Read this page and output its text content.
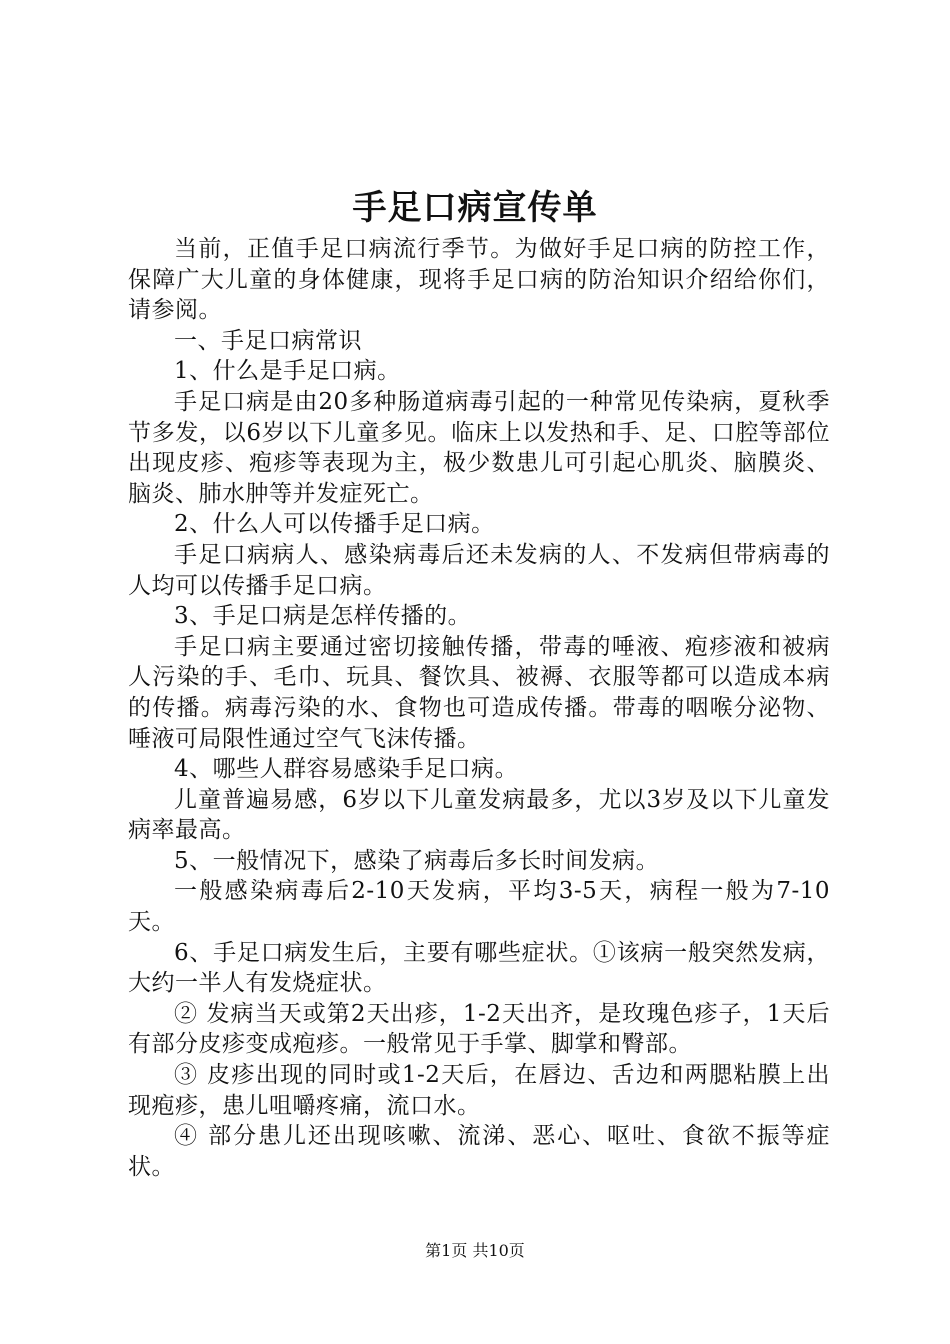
手足口病宣传单

当前，正值手足口病流行季节。为做好手足口病的防控工作，保障广大儿童的身体健康，现将手足口病的防治知识介绍给你们，请参阅。

一、手足口病常识

1、什么是手足口病。

手足口病是由20多种肠道病毒引起的一种常见传染病，夏秋季节多发，以6岁以下儿童多见。临床上以发热和手、足、口腔等部位出现皮疹、疱疹等表现为主，极少数患儿可引起心肌炎、脑膜炎、脑炎、肺水肿等并发症死亡。

2、什么人可以传播手足口病。

手足口病病人、感染病毒后还未发病的人、不发病但带病毒的人均可以传播手足口病。

3、手足口病是怎样传播的。

手足口病主要通过密切接触传播，带毒的唾液、疱疹液和被病人污染的手、毛巾、玩具、餐饮具、被褥、衣服等都可以造成本病的传播。病毒污染的水、食物也可造成传播。带毒的咽喉分泌物、唾液可局限性通过空气飞沫传播。

4、哪些人群容易感染手足口病。

儿童普遍易感，6岁以下儿童发病最多，尤以3岁及以下儿童发病率最高。

5、一般情况下，感染了病毒后多长时间发病。

一般感染病毒后2-10天发病，平均3-5天，病程一般为7-10天。

6、手足口病发生后，主要有哪些症状。①该病一般突然发病，大约一半人有发烧症状。

② 发病当天或第2天出疹，1-2天出齐，是玫瑰色疹子，1天后有部分皮疹变成疱疹。一般常见于手掌、脚掌和臀部。

③ 皮疹出现的同时或1-2天后，在唇边、舌边和两腮粘膜上出现疱疹，患儿咀嚼疼痛，流口水。

④ 部分患儿还出现咳嗽、流涕、恶心、呕吐、食欲不振等症状。

第1页 共10页
